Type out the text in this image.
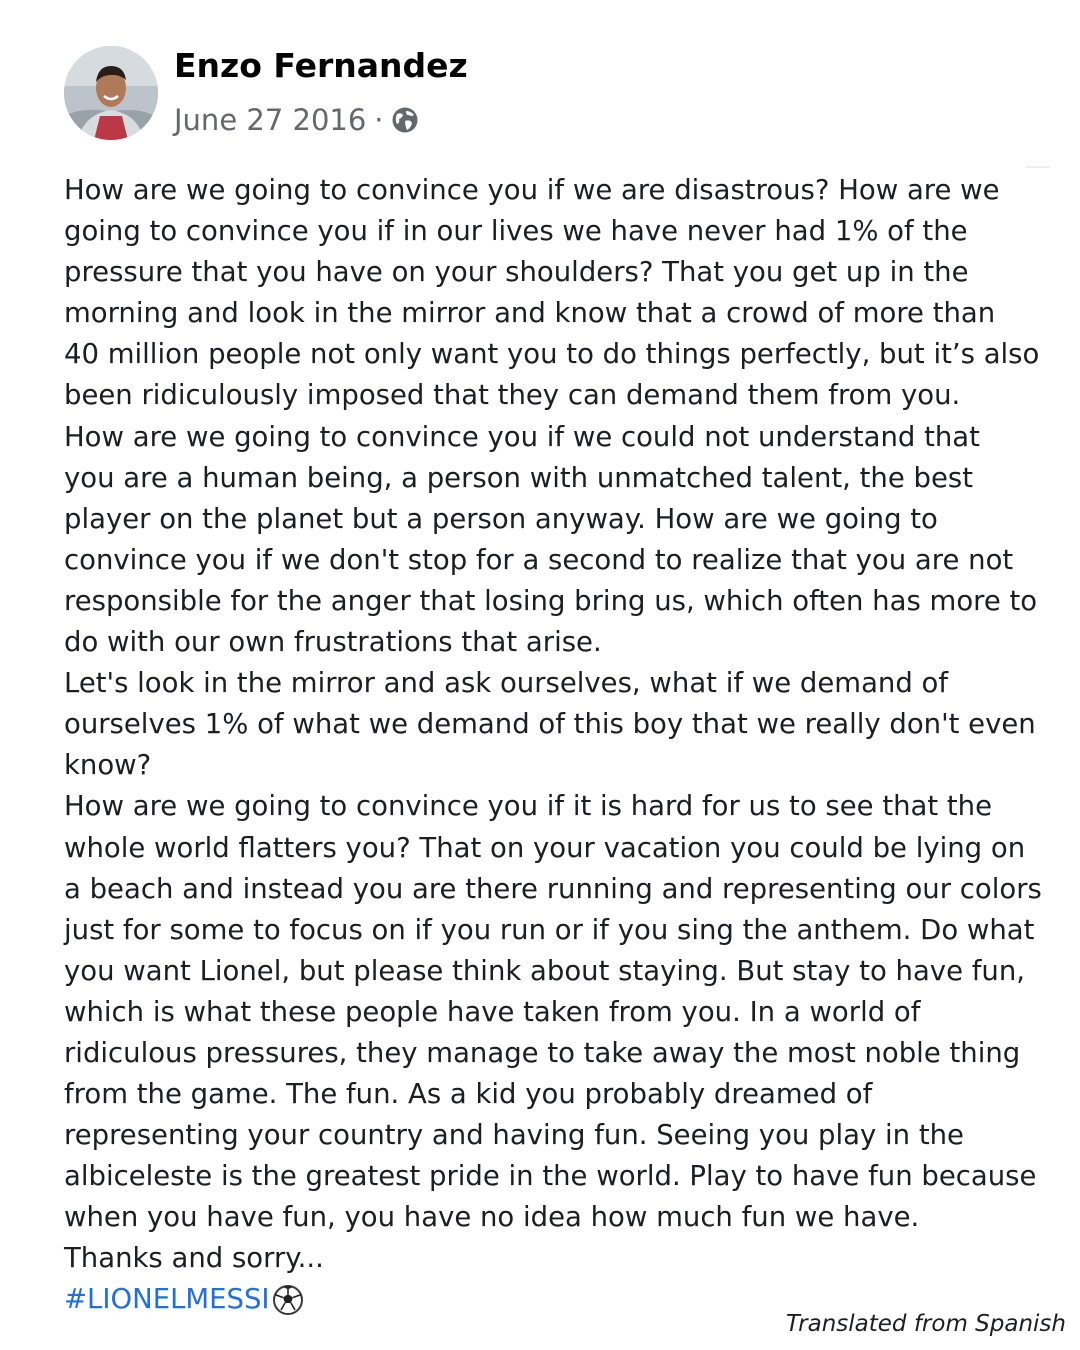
Enzo Fernandez
June 27 2016 ·

How are we going to convince you if we are disastrous? How are we

going to convince you if in our lives we have never had 1% of the

pressure that you have on your shoulders? That you get up in the

morning and look in the mirror and know that a crowd of more than

40 million people not only want you to do things perfectly, but it’s also

been ridiculously imposed that they can demand them from you.

How are we going to convince you if we could not understand that

you are a human being, a person with unmatched talent, the best

player on the planet but a person anyway. How are we going to

convince you if we don't stop for a second to realize that you are not

responsible for the anger that losing bring us, which often has more to

do with our own frustrations that arise.

Let's look in the mirror and ask ourselves, what if we demand of

ourselves 1% of what we demand of this boy that we really don't even

know?

How are we going to convince you if it is hard for us to see that the

whole world flatters you? That on your vacation you could be lying on

a beach and instead you are there running and representing our colors

just for some to focus on if you run or if you sing the anthem. Do what

you want Lionel, but please think about staying. But stay to have fun,

which is what these people have taken from you. In a world of

ridiculous pressures, they manage to take away the most noble thing

from the game. The fun. As a kid you probably dreamed of

representing your country and having fun. Seeing you play in the

albiceleste is the greatest pride in the world. Play to have fun because

when you have fun, you have no idea how much fun we have.

Thanks and sorry...

#LIONELMESSI

Translated from Spanish
